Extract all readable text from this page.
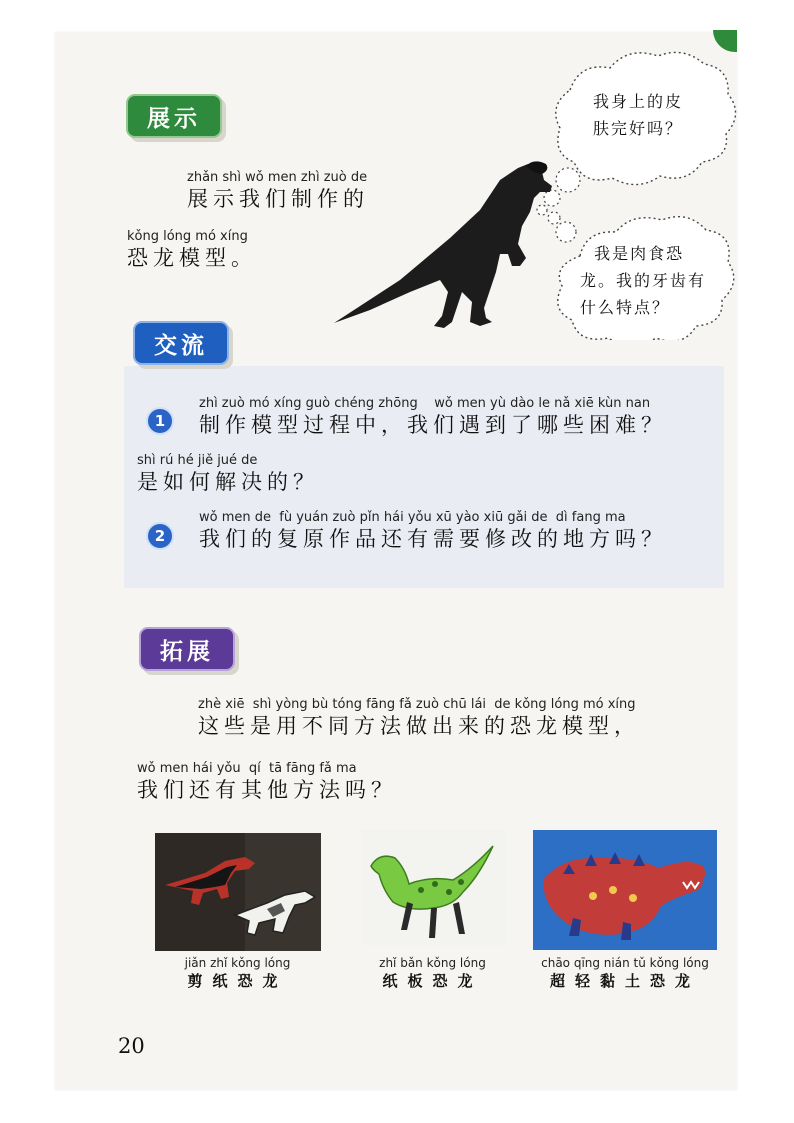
展示
zhǎn shì wǒ men zhì zuò de
展示我们制作的
kǒng lóng mó xíng
恐龙模型。
我身上的皮
肤完好吗？
我是肉食恐
龙。我的牙齿有
什么特点？
交流
1
zhì zuò mó xíng guò chéng zhōng    wǒ men yù dào le nǎ xiē kùn nan
制作模型过程中，我们遇到了哪些困难？
shì rú hé jiě jué de
是如何解决的？
2
wǒ men de  fù yuán zuò pǐn hái yǒu xū yào xiū gǎi de  dì fang ma
我们的复原作品还有需要修改的地方吗？
拓展
zhè xiē  shì yòng bù tóng fāng fǎ zuò chū lái  de kǒng lóng mó xíng
这些是用不同方法做出来的恐龙模型，
wǒ men hái yǒu  qí  tā fāng fǎ ma
我们还有其他方法吗？
jiǎn zhǐ kǒng lóng
剪纸恐龙
zhǐ bǎn kǒng lóng
纸板恐龙
chāo qīng nián tǔ kǒng lóng
超轻黏土恐龙
20
